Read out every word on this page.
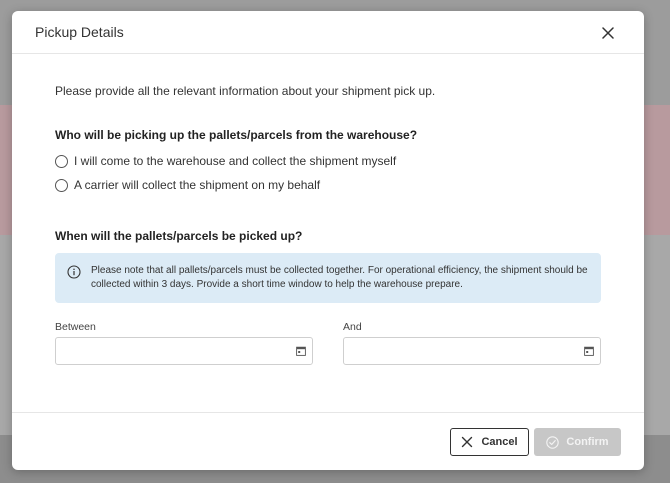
Pickup Details
Please provide all the relevant information about your shipment pick up.
Who will be picking up the pallets/parcels from the warehouse?
I will come to the warehouse and collect the shipment myself
A carrier will collect the shipment on my behalf
When will the pallets/parcels be picked up?
Please note that all pallets/parcels must be collected together. For operational efficiency, the shipment should be collected within 3 days. Provide a short time window to help the warehouse prepare.
Between	And
Cancel	Confirm
